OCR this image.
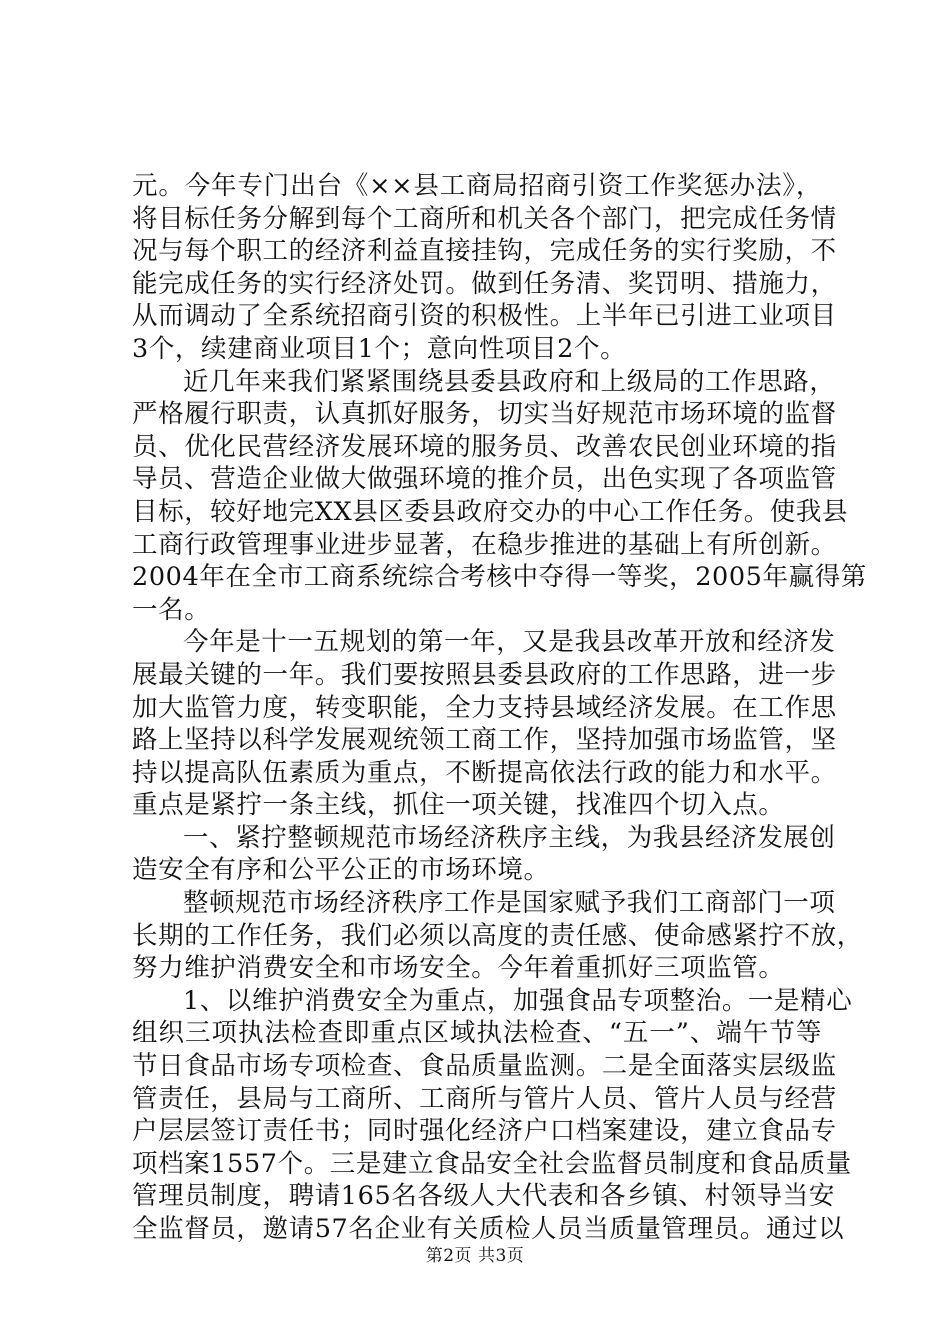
元。今年专门出台《××县工商局招商引资工作奖惩办法》，
将目标任务分解到每个工商所和机关各个部门，把完成任务情
况与每个职工的经济利益直接挂钩，完成任务的实行奖励，不
能完成任务的实行经济处罚。做到任务清、奖罚明、措施力，
从而调动了全系统招商引资的积极性。上半年已引进工业项目
3个，续建商业项目1个；意向性项目2个。
近几年来我们紧紧围绕县委县政府和上级局的工作思路，
严格履行职责，认真抓好服务，切实当好规范市场环境的监督
员、优化民营经济发展环境的服务员、改善农民创业环境的指
导员、营造企业做大做强环境的推介员，出色实现了各项监管
目标，较好地完XX县区委县政府交办的中心工作任务。使我县
工商行政管理事业进步显著，在稳步推进的基础上有所创新。
2004年在全市工商系统综合考核中夺得一等奖，2005年赢得第
一名。
今年是十一五规划的第一年，又是我县改革开放和经济发
展最关键的一年。我们要按照县委县政府的工作思路，进一步
加大监管力度，转变职能，全力支持县域经济发展。在工作思
路上坚持以科学发展观统领工商工作，坚持加强市场监管，坚
持以提高队伍素质为重点，不断提高依法行政的能力和水平。
重点是紧拧一条主线，抓住一项关键，找准四个切入点。
一、紧拧整顿规范市场经济秩序主线，为我县经济发展创
造安全有序和公平公正的市场环境。
整顿规范市场经济秩序工作是国家赋予我们工商部门一项
长期的工作任务，我们必须以高度的责任感、使命感紧拧不放，
努力维护消费安全和市场安全。今年着重抓好三项监管。
1、以维护消费安全为重点，加强食品专项整治。一是精心
组织三项执法检查即重点区域执法检查、“五一”、端午节等
节日食品市场专项检查、食品质量监测。二是全面落实层级监
管责任，县局与工商所、工商所与管片人员、管片人员与经营
户层层签订责任书；同时强化经济户口档案建设，建立食品专
项档案1557个。三是建立食品安全社会监督员制度和食品质量
管理员制度，聘请165名各级人大代表和各乡镇、村领导当安
全监督员，邀请57名企业有关质检人员当质量管理员。通过以
第2页 共3页
